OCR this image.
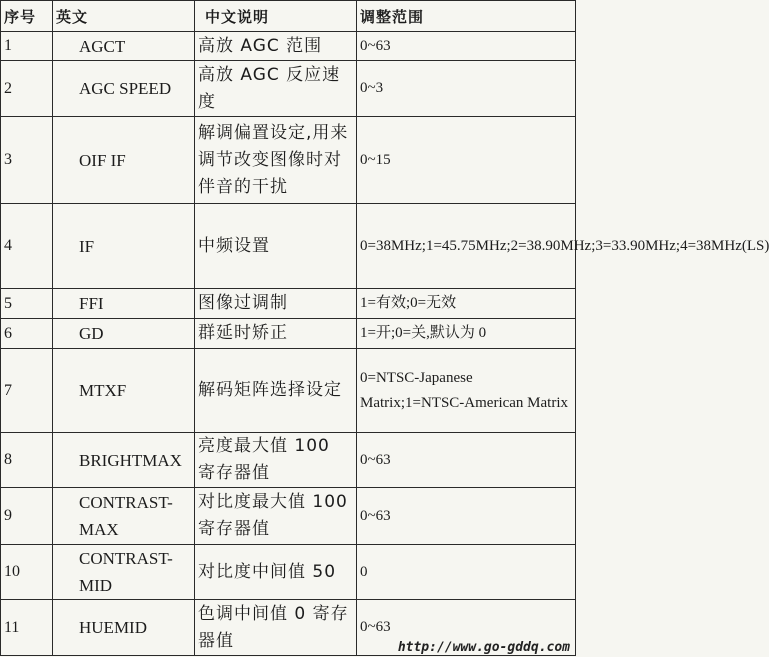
序号	英文	中文说明	调整范围
1	AGCT	高放 AGC 范围	0~63
2	AGC SPEED	高放 AGC 反应速度	0~3
3	OIF IF	解调偏置设定,用来调节改变图像时对伴音的干扰	0~15
4	IF	中频设置	0=38MHz;1=45.75MHz;2=38.90MHz;3=33.90MHz;4=38MHz(LS)
5	FFI	图像过调制	1=有效;0=无效
6	GD	群延时矫正	1=开;0=关,默认为 0
7	MTXF	解码矩阵选择设定	0=NTSC-Japanese Matrix;1=NTSC-American Matrix
8	BRIGHTMAX	亮度最大值 100 寄存器值	0~63
9	CONTRAST-MAX	对比度最大值 100 寄存器值	0~63
10	CONTRAST-MID	对比度中间值 50	0
11	HUEMID	色调中间值 0 寄存器值	0~63
http://www.go-gddq.com
